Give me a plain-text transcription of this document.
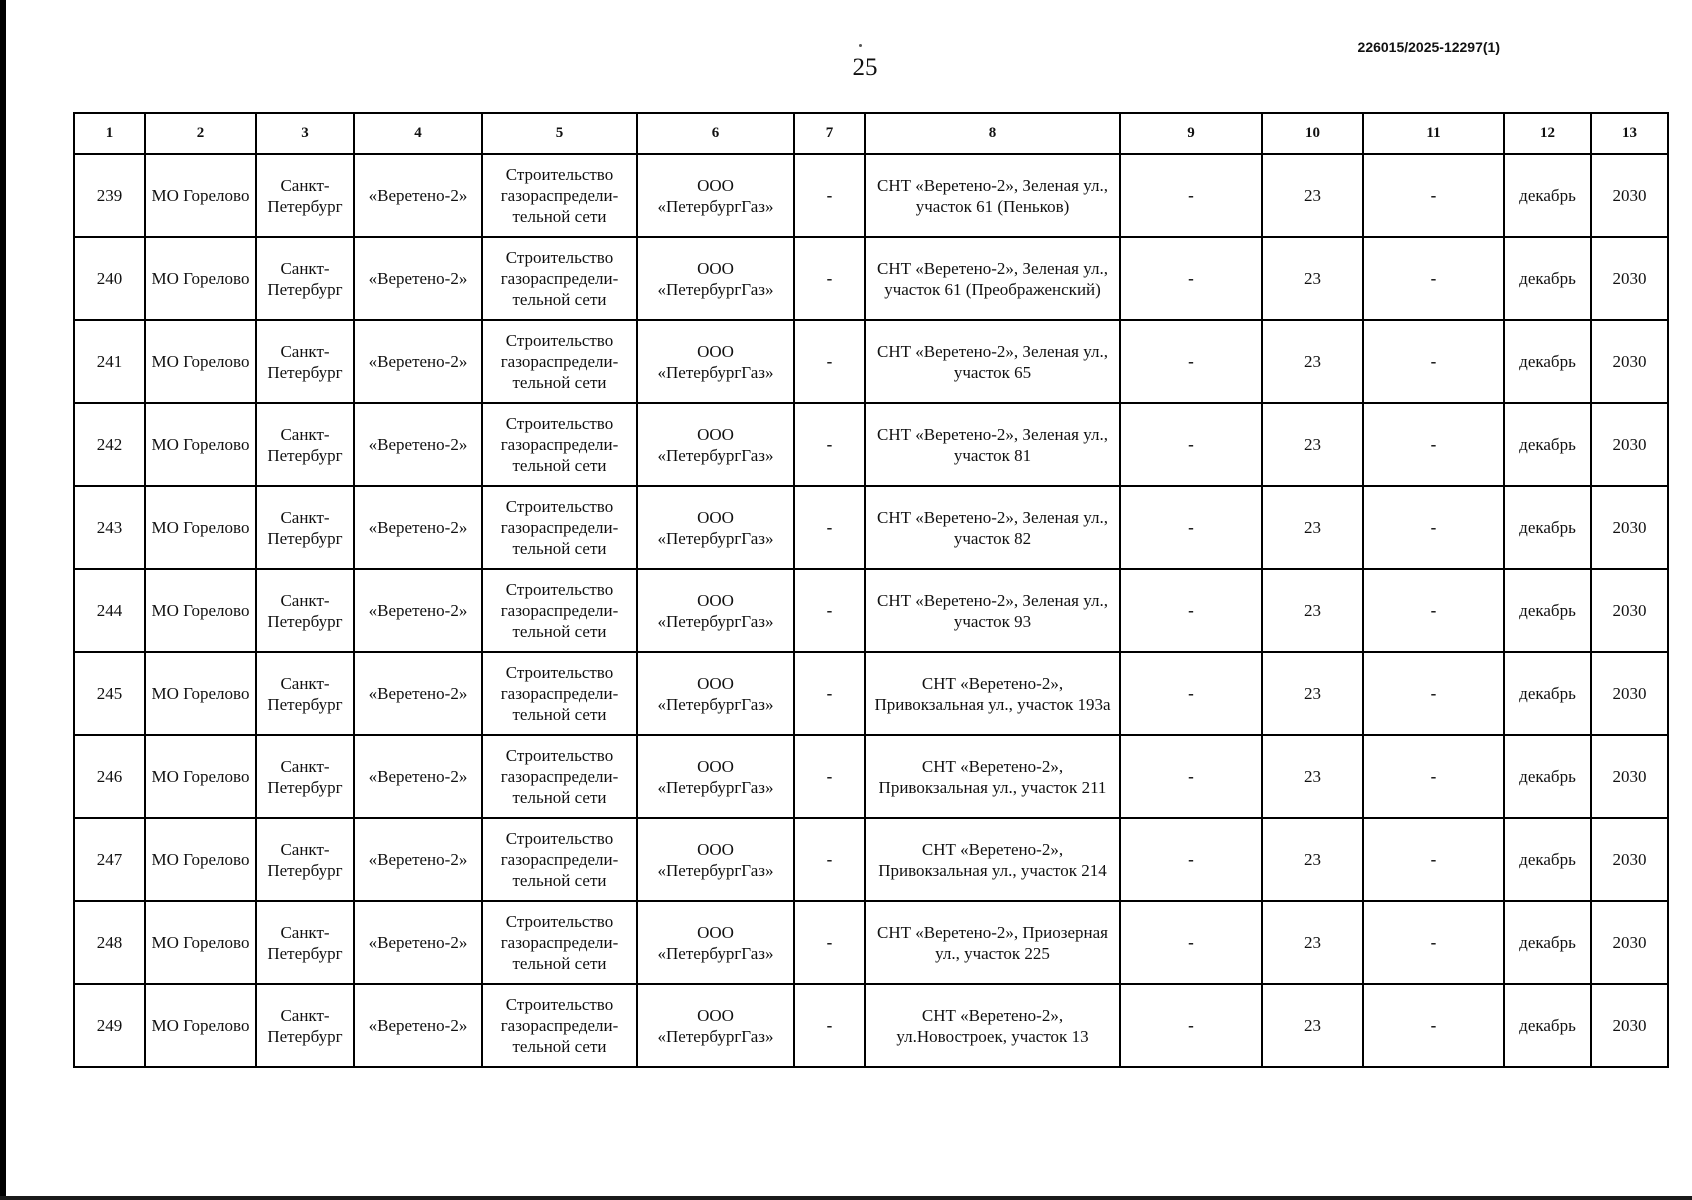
25
226015/2025-12297(1)
1	2	3	4	5	6	7	8	9	10	11	12	13
239	МО Горелово	Санкт-Петербург	«Веретено-2»	Строительство газораспредели-тельной сети	ООО «ПетербургГаз»	-	СНТ «Веретено-2», Зеленая ул., участок 61 (Пеньков)	-	23	-	декабрь	2030
240	МО Горелово	Санкт-Петербург	«Веретено-2»	Строительство газораспредели-тельной сети	ООО «ПетербургГаз»	-	СНТ «Веретено-2», Зеленая ул., участок 61 (Преображенский)	-	23	-	декабрь	2030
241	МО Горелово	Санкт-Петербург	«Веретено-2»	Строительство газораспредели-тельной сети	ООО «ПетербургГаз»	-	СНТ «Веретено-2», Зеленая ул., участок 65	-	23	-	декабрь	2030
242	МО Горелово	Санкт-Петербург	«Веретено-2»	Строительство газораспредели-тельной сети	ООО «ПетербургГаз»	-	СНТ «Веретено-2», Зеленая ул., участок 81	-	23	-	декабрь	2030
243	МО Горелово	Санкт-Петербург	«Веретено-2»	Строительство газораспредели-тельной сети	ООО «ПетербургГаз»	-	СНТ «Веретено-2», Зеленая ул., участок 82	-	23	-	декабрь	2030
244	МО Горелово	Санкт-Петербург	«Веретено-2»	Строительство газораспредели-тельной сети	ООО «ПетербургГаз»	-	СНТ «Веретено-2», Зеленая ул., участок 93	-	23	-	декабрь	2030
245	МО Горелово	Санкт-Петербург	«Веретено-2»	Строительство газораспредели-тельной сети	ООО «ПетербургГаз»	-	СНТ «Веретено-2», Привокзальная ул., участок 193а	-	23	-	декабрь	2030
246	МО Горелово	Санкт-Петербург	«Веретено-2»	Строительство газораспредели-тельной сети	ООО «ПетербургГаз»	-	СНТ «Веретено-2», Привокзальная ул., участок 211	-	23	-	декабрь	2030
247	МО Горелово	Санкт-Петербург	«Веретено-2»	Строительство газораспредели-тельной сети	ООО «ПетербургГаз»	-	СНТ «Веретено-2», Привокзальная ул., участок 214	-	23	-	декабрь	2030
248	МО Горелово	Санкт-Петербург	«Веретено-2»	Строительство газораспредели-тельной сети	ООО «ПетербургГаз»	-	СНТ «Веретено-2», Приозерная ул., участок 225	-	23	-	декабрь	2030
249	МО Горелово	Санкт-Петербург	«Веретено-2»	Строительство газораспредели-тельной сети	ООО «ПетербургГаз»	-	СНТ «Веретено-2», ул.Новостроек, участок 13	-	23	-	декабрь	2030
